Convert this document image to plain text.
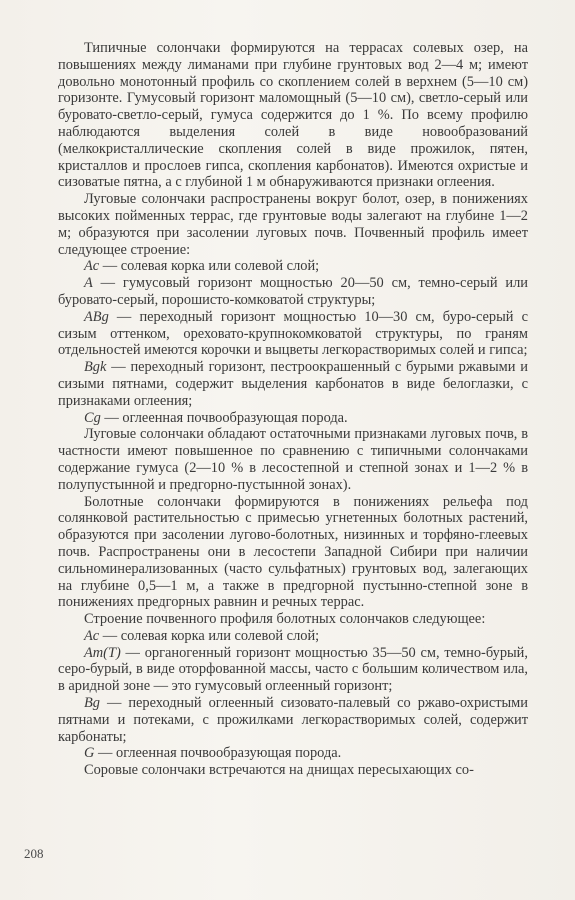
Типичные солончаки формируются на террасах солевых озер, на повышениях между лиманами при глубине грунтовых вод 2—4 м; имеют довольно монотонный профиль со скоплением солей в верхнем (5—10 см) горизонте. Гумусовый горизонт маломощный (5—10 см), светло-серый или буровато-светло-серый, гумуса содержится до 1 %. По всему профилю наблюдаются выделения солей в виде новообразований (мелкокристаллические скопления солей в виде прожилок, пятен, кристаллов и прослоев гипса, скопления карбонатов). Имеются охристые и сизоватые пятна, а с глубиной 1 м обнаруживаются признаки оглеения.

Луговые солончаки распространены вокруг болот, озер, в понижениях высоких пойменных террас, где грунтовые воды залегают на глубине 1—2 м; образуются при засолении луговых почв. Почвенный профиль имеет следующее строение:

Ac — солевая корка или солевой слой;

A — гумусовый горизонт мощностью 20—50 см, темно-серый или буровато-серый, порошисто-комковатой структуры;

ABg — переходный горизонт мощностью 10—30 см, буро-серый с сизым оттенком, ореховато-крупнокомковатой структуры, по граням отдельностей имеются корочки и выцветы легкорастворимых солей и гипса;

Bgk — переходный горизонт, пестроокрашенный с бурыми ржавыми и сизыми пятнами, содержит выделения карбонатов в виде белоглазки, с признаками оглеения;

Cg — оглеенная почвообразующая порода.

Луговые солончаки обладают остаточными признаками луговых почв, в частности имеют повышенное по сравнению с типичными солончаками содержание гумуса (2—10 % в лесостепной и степной зонах и 1—2 % в полупустынной и предгорно-пустынной зонах).

Болотные солончаки формируются в понижениях рельефа под солянковой растительностью с примесью угнетенных болотных растений, образуются при засолении лугово-болотных, низинных и торфяно-глеевых почв. Распространены они в лесостепи Западной Сибири при наличии сильноминерализованных (часто сульфатных) грунтовых вод, залегающих на глубине 0,5—1 м, а также в предгорной пустынно-степной зоне в понижениях предгорных равнин и речных террас.

Строение почвенного профиля болотных солончаков следующее:

Ac — солевая корка или солевой слой;

Am(T) — органогенный горизонт мощностью 35—50 см, темно-бурый, серо-бурый, в виде оторфованной массы, часто с большим количеством ила, в аридной зоне — это гумусовый оглеенный горизонт;

Bg — переходный оглеенный сизовато-палевый со ржаво-охристыми пятнами и потеками, с прожилками легкорастворимых солей, содержит карбонаты;

G — оглеенная почвообразующая порода.

Соровые солончаки встречаются на днищах пересыхающих со-

208
